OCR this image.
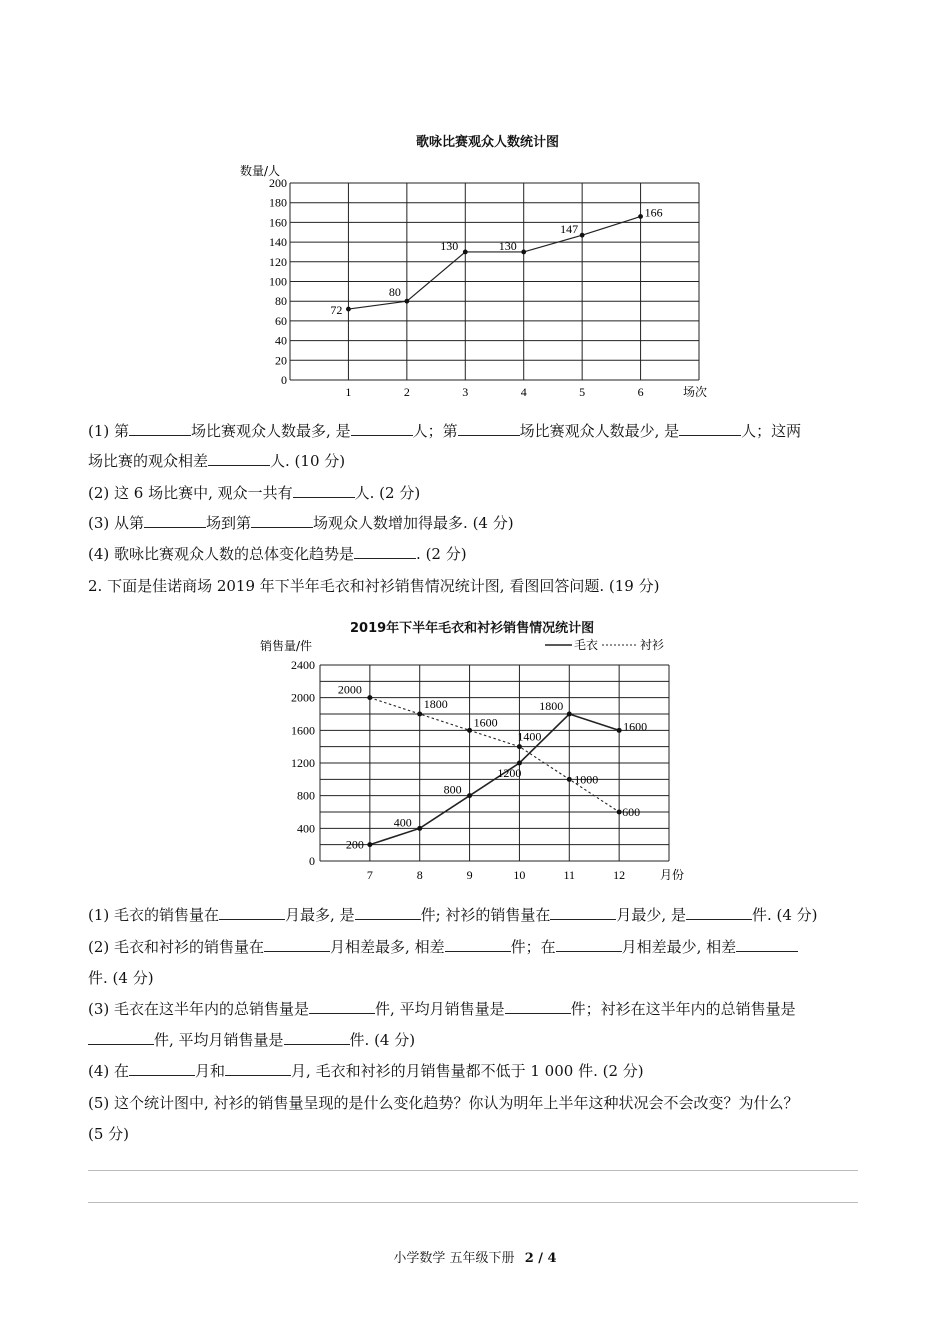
歌咏比赛观众人数统计图
数量/人
0
20
40
60
80
100
120
140
160
180
200
1	2	3	4	5	6	场次
72
80
130	130
147
166
(1) 第	场比赛观众人数最多, 是	人；第	场比赛观众人数最少, 是	人；这两
场比赛的观众相差	人. (10 分)
(2) 这 6 场比赛中, 观众一共有	人. (2 分)
(3) 从第	场到第	场观众人数增加得最多. (4 分)
(4) 歌咏比赛观众人数的总体变化趋势是	. (2 分)
2. 下面是佳诺商场 2019 年下半年毛衣和衬衫销售情况统计图, 看图回答问题. (19 分)
2019年下半年毛衣和衬衫销售情况统计图
销售量/件
0
400
800
1200
1600
2000
2400
7	8	9	10	11	12	月份
毛衣	衬衫
200
400
800
1200
1800
1600
2000
1800
1600
1400
1000
600
(1) 毛衣的销售量在	月最多, 是	件; 衬衫的销售量在	月最少, 是	件. (4 分)
(2) 毛衣和衬衫的销售量在	月相差最多, 相差	件；在	月相差最少, 相差
件. (4 分)
(3) 毛衣在这半年内的总销售量是	件, 平均月销售量是	件；衬衫在这半年内的总销售量是
件, 平均月销售量是	件. (4 分)
(4) 在	月和	月, 毛衣和衬衫的月销售量都不低于 1 000 件. (2 分)
(5) 这个统计图中, 衬衫的销售量呈现的是什么变化趋势？你认为明年上半年这种状况会不会改变？为什么？
(5 分)
小学数学 五年级下册 2 / 4
